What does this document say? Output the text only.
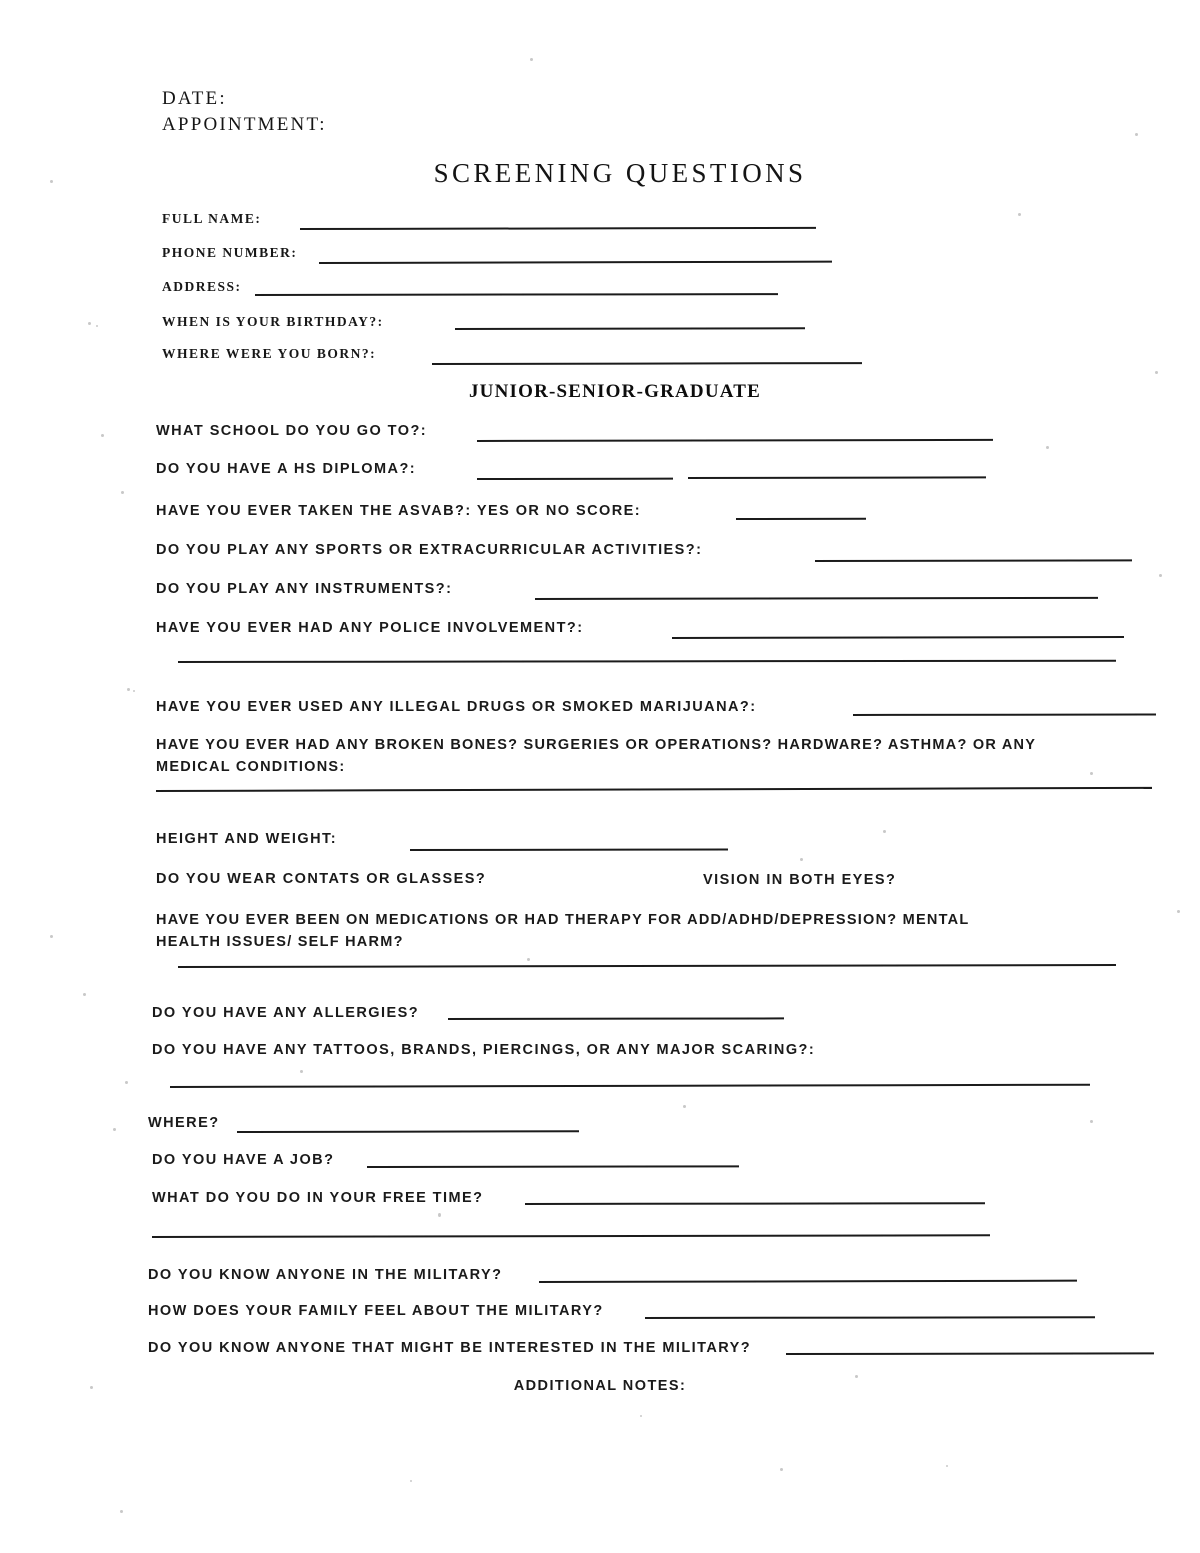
DATE:
APPOINTMENT:
SCREENING QUESTIONS
FULL NAME:
PHONE NUMBER:
ADDRESS:
WHEN IS YOUR BIRTHDAY?:
WHERE WERE YOU BORN?:
JUNIOR-SENIOR-GRADUATE
WHAT SCHOOL DO YOU GO TO?:
DO YOU HAVE A HS DIPLOMA?:
HAVE YOU EVER TAKEN THE ASVAB?: YES OR NO SCORE:
DO YOU PLAY ANY SPORTS OR EXTRACURRICULAR ACTIVITIES?:
DO YOU PLAY ANY INSTRUMENTS?:
HAVE YOU EVER HAD ANY POLICE INVOLVEMENT?:
HAVE YOU EVER USED ANY ILLEGAL DRUGS OR SMOKED MARIJUANA?:
HAVE YOU EVER HAD ANY BROKEN BONES? SURGERIES OR OPERATIONS? HARDWARE? ASTHMA? OR ANY MEDICAL CONDITIONS:
HEIGHT AND WEIGHT:
DO YOU WEAR CONTATS OR GLASSES?	VISION IN BOTH EYES?
HAVE YOU EVER BEEN ON MEDICATIONS OR HAD THERAPY FOR ADD/ADHD/DEPRESSION? MENTAL HEALTH ISSUES/ SELF HARM?
DO YOU HAVE ANY ALLERGIES?
DO YOU HAVE ANY TATTOOS, BRANDS, PIERCINGS, OR ANY MAJOR SCARING?:
WHERE?
DO YOU HAVE A JOB?
WHAT DO YOU DO IN YOUR FREE TIME?
DO YOU KNOW ANYONE IN THE MILITARY?
HOW DOES YOUR FAMILY FEEL ABOUT THE MILITARY?
DO YOU KNOW ANYONE THAT MIGHT BE INTERESTED IN THE MILITARY?
ADDITIONAL NOTES:
